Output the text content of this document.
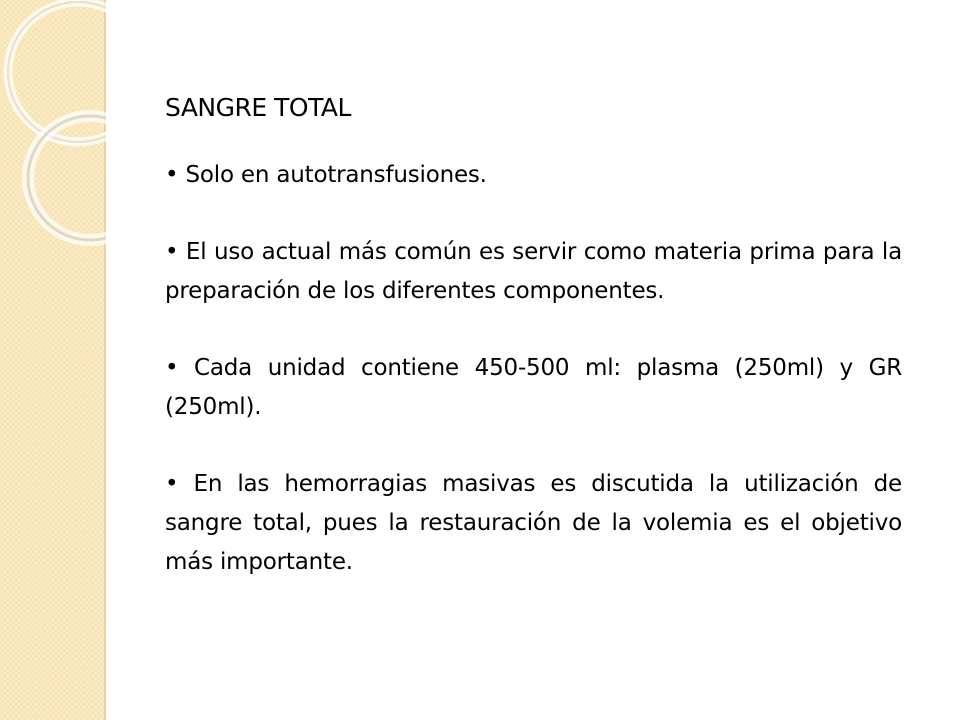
SANGRE TOTAL

• Solo en autotransfusiones.

• El uso actual más común es servir como materia prima para la preparación de los diferentes componentes.

• Cada unidad contiene 450-500 ml: plasma (250ml) y GR (250ml).

• En las hemorragias masivas es discutida la utilización de sangre total, pues la restauración de la volemia es el objetivo más importante.
